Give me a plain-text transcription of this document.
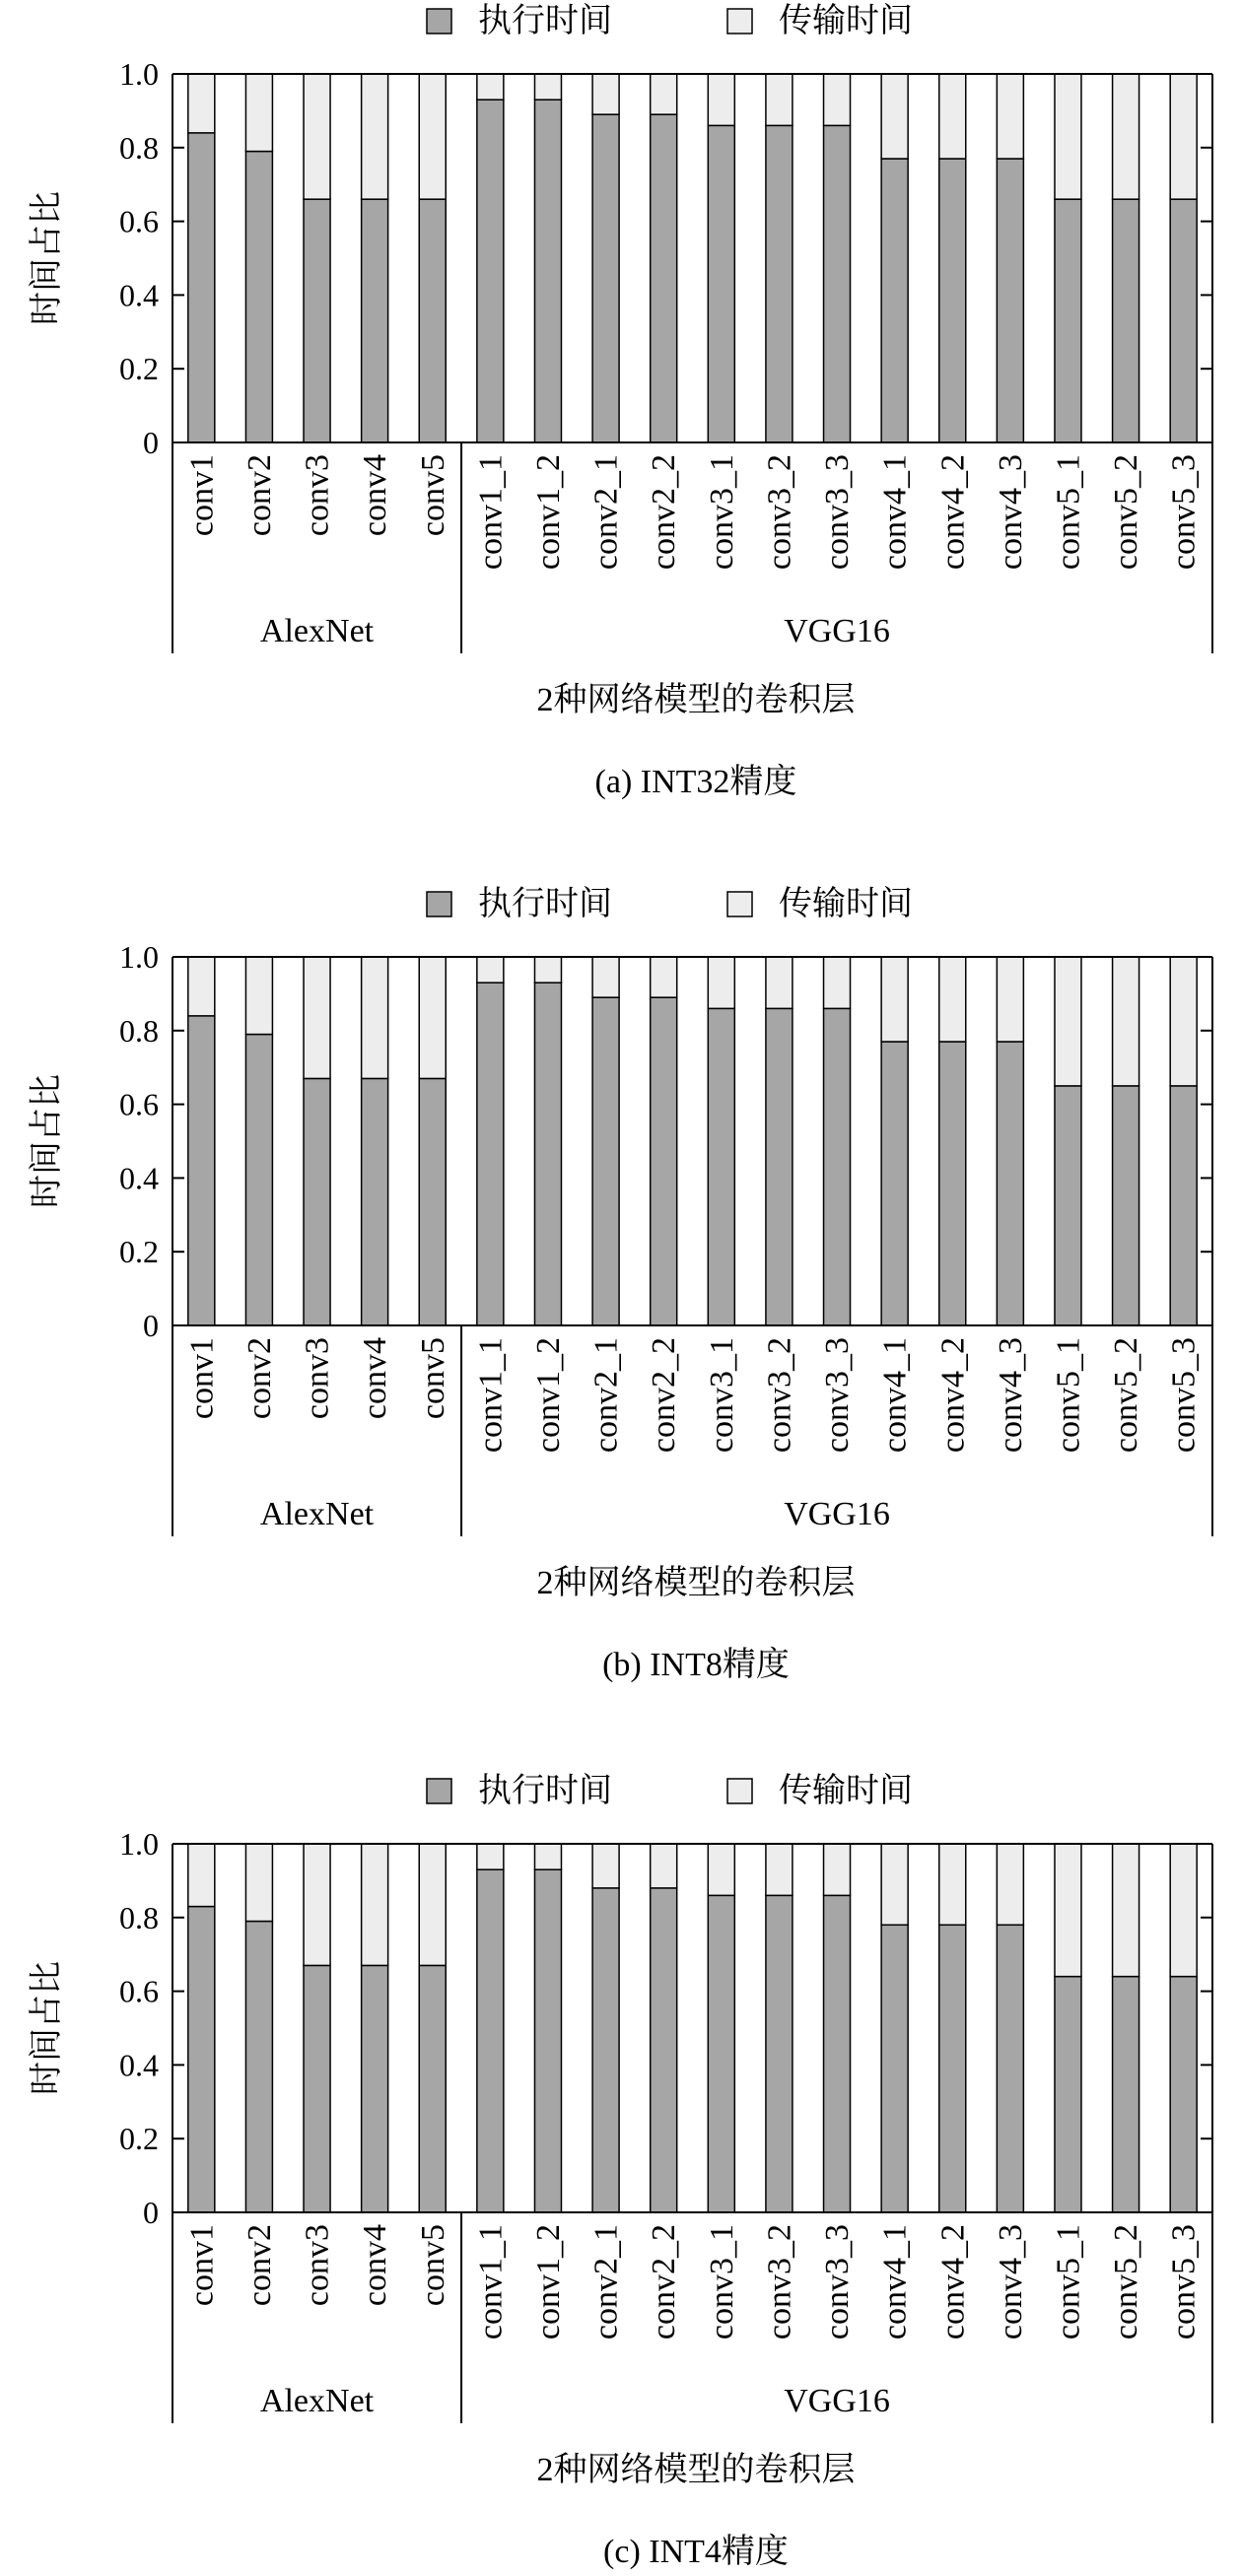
执行时间	传输时间
时间占比
0
0.2
0.4
0.6
0.8
1.0
conv1 conv2 conv3 conv4 conv5 conv1_1 conv1_2 conv2_1 conv2_2 conv3_1 conv3_2 conv3_3 conv4_1 conv4_2 conv4_3 conv5_1 conv5_2 conv5_3
AlexNet	VGG16
2种网络模型的卷积层
(a) INT32精度
执行时间	传输时间
时间占比
0
0.2
0.4
0.6
0.8
1.0
conv1 conv2 conv3 conv4 conv5 conv1_1 conv1_2 conv2_1 conv2_2 conv3_1 conv3_2 conv3_3 conv4_1 conv4_2 conv4_3 conv5_1 conv5_2 conv5_3
AlexNet	VGG16
2种网络模型的卷积层
(b) INT8精度
执行时间	传输时间
时间占比
0
0.2
0.4
0.6
0.8
1.0
conv1 conv2 conv3 conv4 conv5 conv1_1 conv1_2 conv2_1 conv2_2 conv3_1 conv3_2 conv3_3 conv4_1 conv4_2 conv4_3 conv5_1 conv5_2 conv5_3
AlexNet	VGG16
2种网络模型的卷积层
(c) INT4精度
